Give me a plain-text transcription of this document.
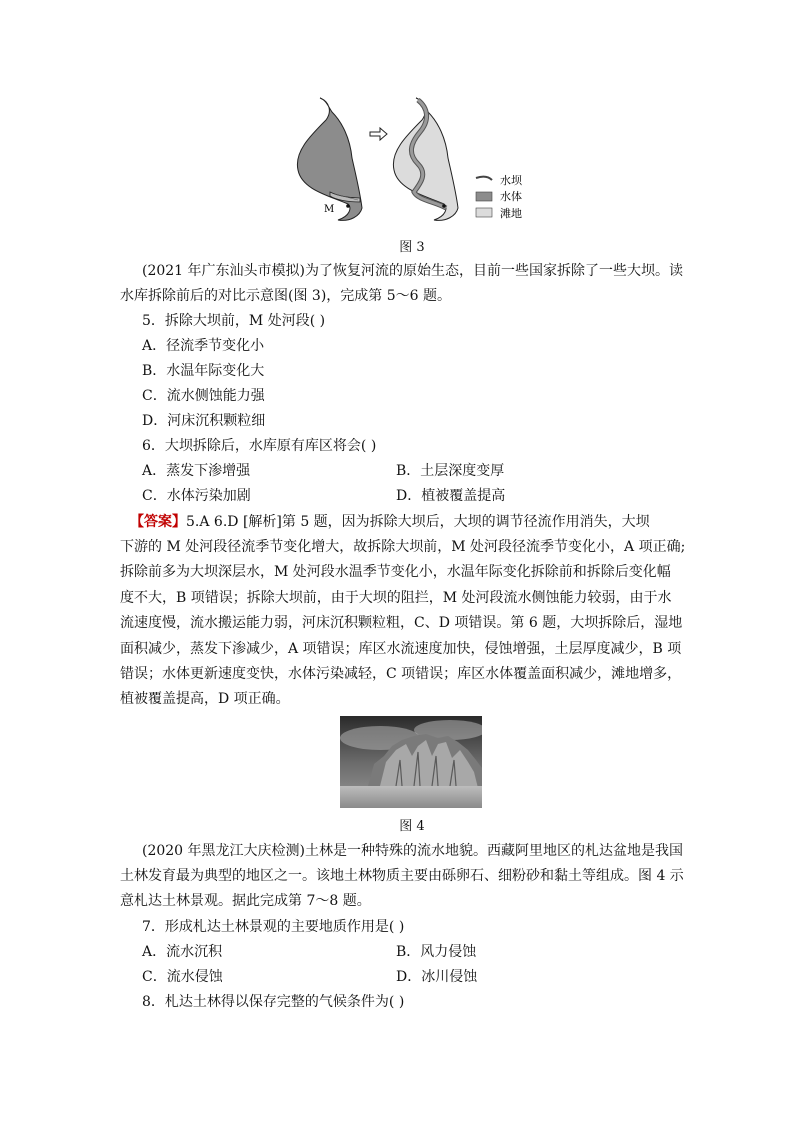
M
水坝
水体
滩地
图 3
(2021 年广东汕头市模拟)为了恢复河流的原始生态，目前一些国家拆除了一些大坝。读
水库拆除前后的对比示意图(图 3)，完成第 5～6 题。
5．拆除大坝前，M 处河段( )
A．径流季节变化小
B．水温年际变化大
C．流水侧蚀能力强
D．河床沉积颗粒细
6．大坝拆除后，水库原有库区将会( )
A．蒸发下渗增强	B．土层深度变厚
C．水体污染加剧	D．植被覆盖提高
【答案】5.A 6.D [解析]第 5 题，因为拆除大坝后，大坝的调节径流作用消失，大坝
下游的 M 处河段径流季节变化增大，故拆除大坝前，M 处河段径流季节变化小，A 项正确;
拆除前多为大坝深层水，M 处河段水温季节变化小，水温年际变化拆除前和拆除后变化幅
度不大，B 项错误；拆除大坝前，由于大坝的阻拦，M 处河段流水侧蚀能力较弱，由于水
流速度慢，流水搬运能力弱，河床沉积颗粒粗，C、D 项错误。第 6 题，大坝拆除后，湿地
面积减少，蒸发下渗减少，A 项错误；库区水流速度加快，侵蚀增强，土层厚度减少，B 项
错误；水体更新速度变快，水体污染减轻，C 项错误；库区水体覆盖面积减少，滩地增多，
植被覆盖提高，D 项正确。
图 4
(2020 年黑龙江大庆检测)土林是一种特殊的流水地貌。西藏阿里地区的札达盆地是我国
土林发育最为典型的地区之一。该地土林物质主要由砾卵石、细粉砂和黏土等组成。图 4 示
意札达土林景观。据此完成第 7～8 题。
7．形成札达土林景观的主要地质作用是( )
A．流水沉积	B．风力侵蚀
C．流水侵蚀	D．冰川侵蚀
8．札达土林得以保存完整的气候条件为( )
